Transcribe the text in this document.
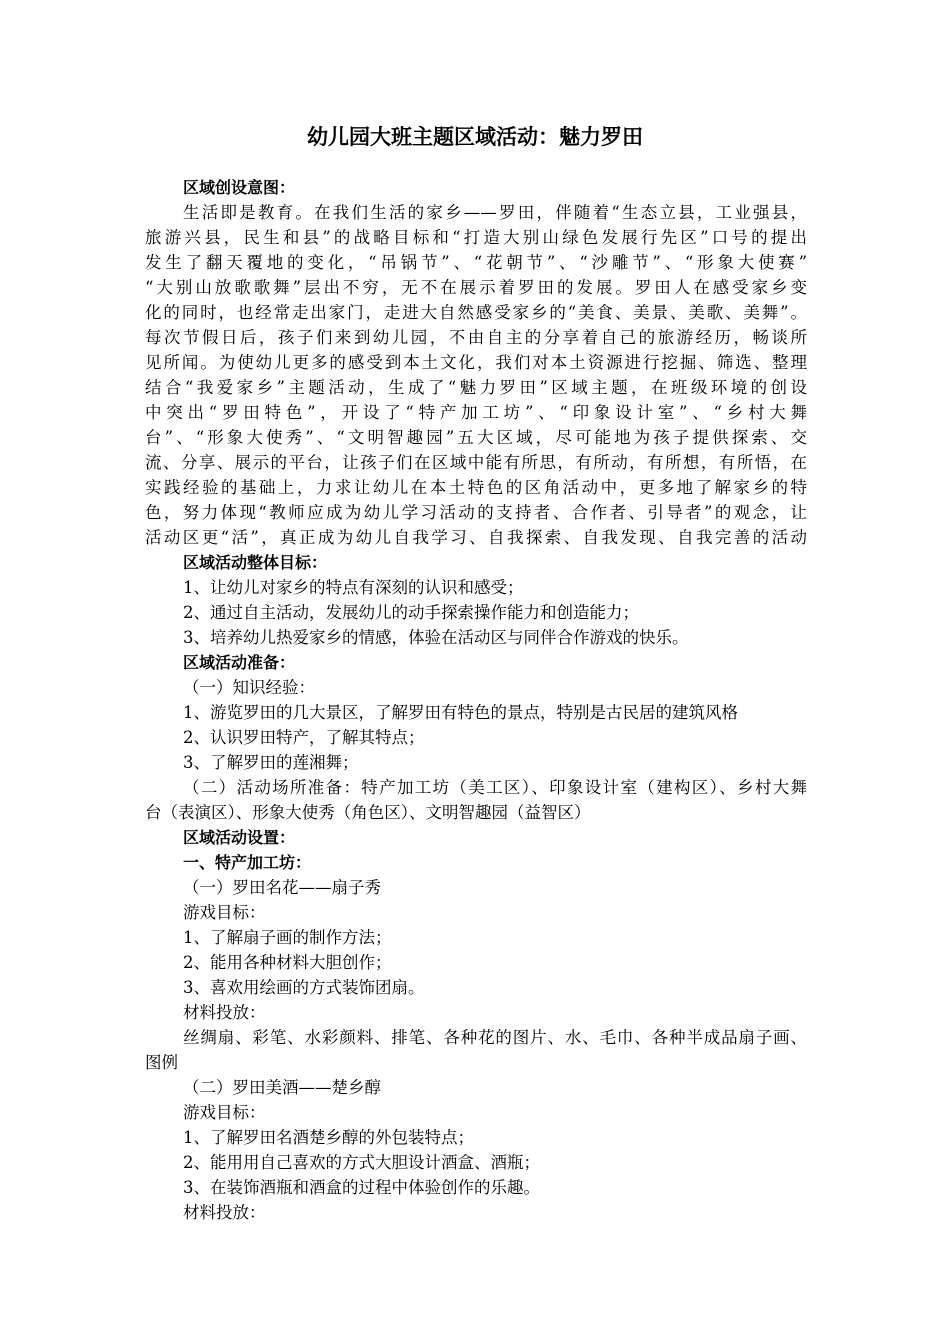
幼儿园大班主题区域活动：魅力罗田
区域创设意图：
生活即是教育。在我们生活的家乡——罗田，伴随着“生态立县，工业强县，
旅游兴县，民生和县”的战略目标和“打造大别山绿色发展行先区”口号的提出
发生了翻天覆地的变化，“吊锅节”、“花朝节”、“沙雕节”、“形象大使赛”
“大别山放歌歌舞”层出不穷，无不在展示着罗田的发展。罗田人在感受家乡变
化的同时，也经常走出家门，走进大自然感受家乡的“美食、美景、美歌、美舞”。
每次节假日后，孩子们来到幼儿园，不由自主的分享着自己的旅游经历，畅谈所
见所闻。为使幼儿更多的感受到本土文化，我们对本土资源进行挖掘、筛选、整理
结合“我爱家乡”主题活动，生成了“魅力罗田”区域主题，在班级环境的创设
中突出“罗田特色”，开设了“特产加工坊”、“印象设计室”、“乡村大舞
台”、“形象大使秀”、“文明智趣园”五大区域，尽可能地为孩子提供探索、交
流、分享、展示的平台，让孩子们在区域中能有所思，有所动，有所想，有所悟，在
实践经验的基础上，力求让幼儿在本土特色的区角活动中，更多地了解家乡的特
色，努力体现“教师应成为幼儿学习活动的支持者、合作者、引导者”的观念，让
活动区更“活”，真正成为幼儿自我学习、自我探索、自我发现、自我完善的活动
区域活动整体目标：
1、让幼儿对家乡的特点有深刻的认识和感受；
2、通过自主活动，发展幼儿的动手探索操作能力和创造能力；
3、培养幼儿热爱家乡的情感，体验在活动区与同伴合作游戏的快乐。
区域活动准备：
（一）知识经验：
1、游览罗田的几大景区，了解罗田有特色的景点，特别是古民居的建筑风格
2、认识罗田特产，了解其特点；
3、了解罗田的莲湘舞；
（二）活动场所准备：特产加工坊（美工区）、印象设计室（建构区）、乡村大舞
台（表演区）、形象大使秀（角色区）、文明智趣园（益智区）
区域活动设置：
一、特产加工坊：
（一）罗田名花——扇子秀
游戏目标：
1、了解扇子画的制作方法；
2、能用各种材料大胆创作；
3、喜欢用绘画的方式装饰团扇。
材料投放：
丝绸扇、彩笔、水彩颜料、排笔、各种花的图片、水、毛巾、各种半成品扇子画、
图例
（二）罗田美酒——楚乡醇
游戏目标：
1、了解罗田名酒楚乡醇的外包装特点；
2、能用用自己喜欢的方式大胆设计酒盒、酒瓶；
3、在装饰酒瓶和酒盒的过程中体验创作的乐趣。
材料投放：
